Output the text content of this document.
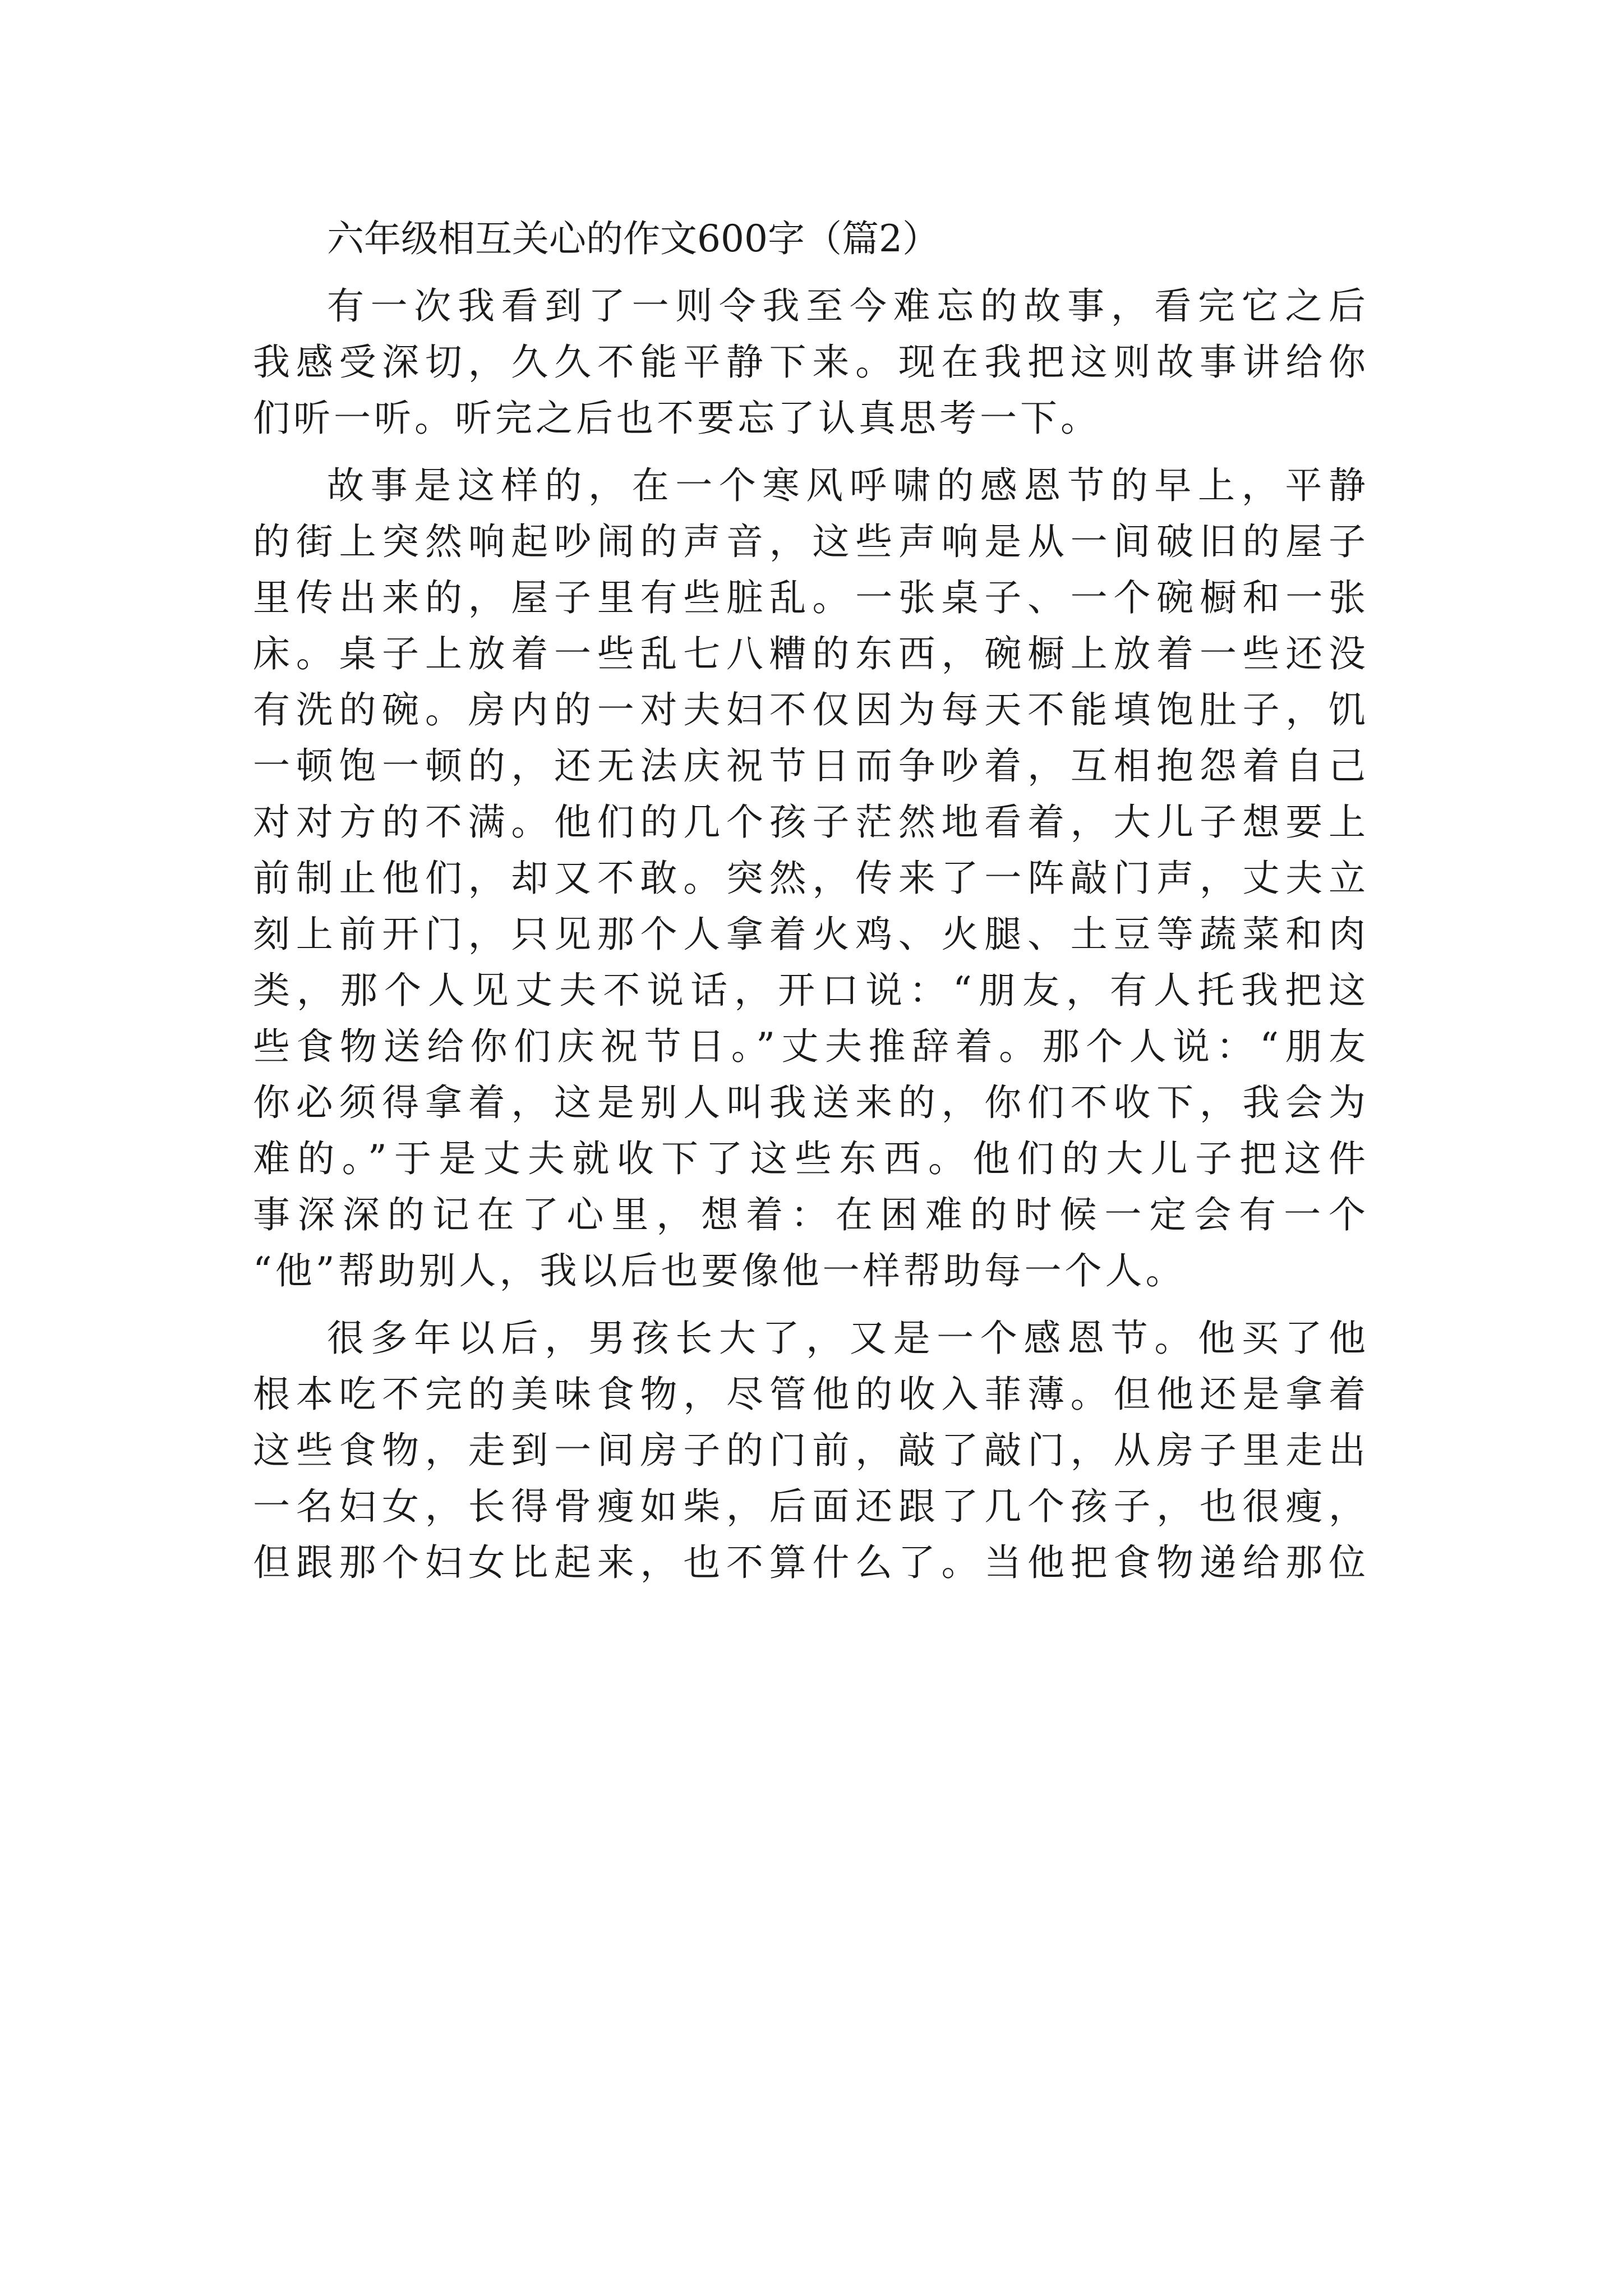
六年级相互关心的作文600字（篇2）
有一次我看到了一则令我至今难忘的故事，看完它之后
我感受深切，久久不能平静下来。现在我把这则故事讲给你
们听一听。听完之后也不要忘了认真思考一下。
故事是这样的，在一个寒风呼啸的感恩节的早上，平静
的街上突然响起吵闹的声音，这些声响是从一间破旧的屋子
里传出来的，屋子里有些脏乱。一张桌子、一个碗橱和一张
床。桌子上放着一些乱七八糟的东西，碗橱上放着一些还没
有洗的碗。房内的一对夫妇不仅因为每天不能填饱肚子，饥
一顿饱一顿的，还无法庆祝节日而争吵着，互相抱怨着自己
对对方的不满。他们的几个孩子茫然地看着，大儿子想要上
前制止他们，却又不敢。突然，传来了一阵敲门声，丈夫立
刻上前开门，只见那个人拿着火鸡、火腿、土豆等蔬菜和肉
类，那个人见丈夫不说话，开口说：“朋友，有人托我把这
些食物送给你们庆祝节日。”丈夫推辞着。那个人说：“朋友
你必须得拿着，这是别人叫我送来的，你们不收下，我会为
难的。”于是丈夫就收下了这些东西。他们的大儿子把这件
事深深的记在了心里，想着：在困难的时候一定会有一个
“他”帮助别人，我以后也要像他一样帮助每一个人。
很多年以后，男孩长大了，又是一个感恩节。他买了他
根本吃不完的美味食物，尽管他的收入菲薄。但他还是拿着
这些食物，走到一间房子的门前，敲了敲门，从房子里走出
一名妇女，长得骨瘦如柴，后面还跟了几个孩子，也很瘦，
但跟那个妇女比起来，也不算什么了。当他把食物递给那位
